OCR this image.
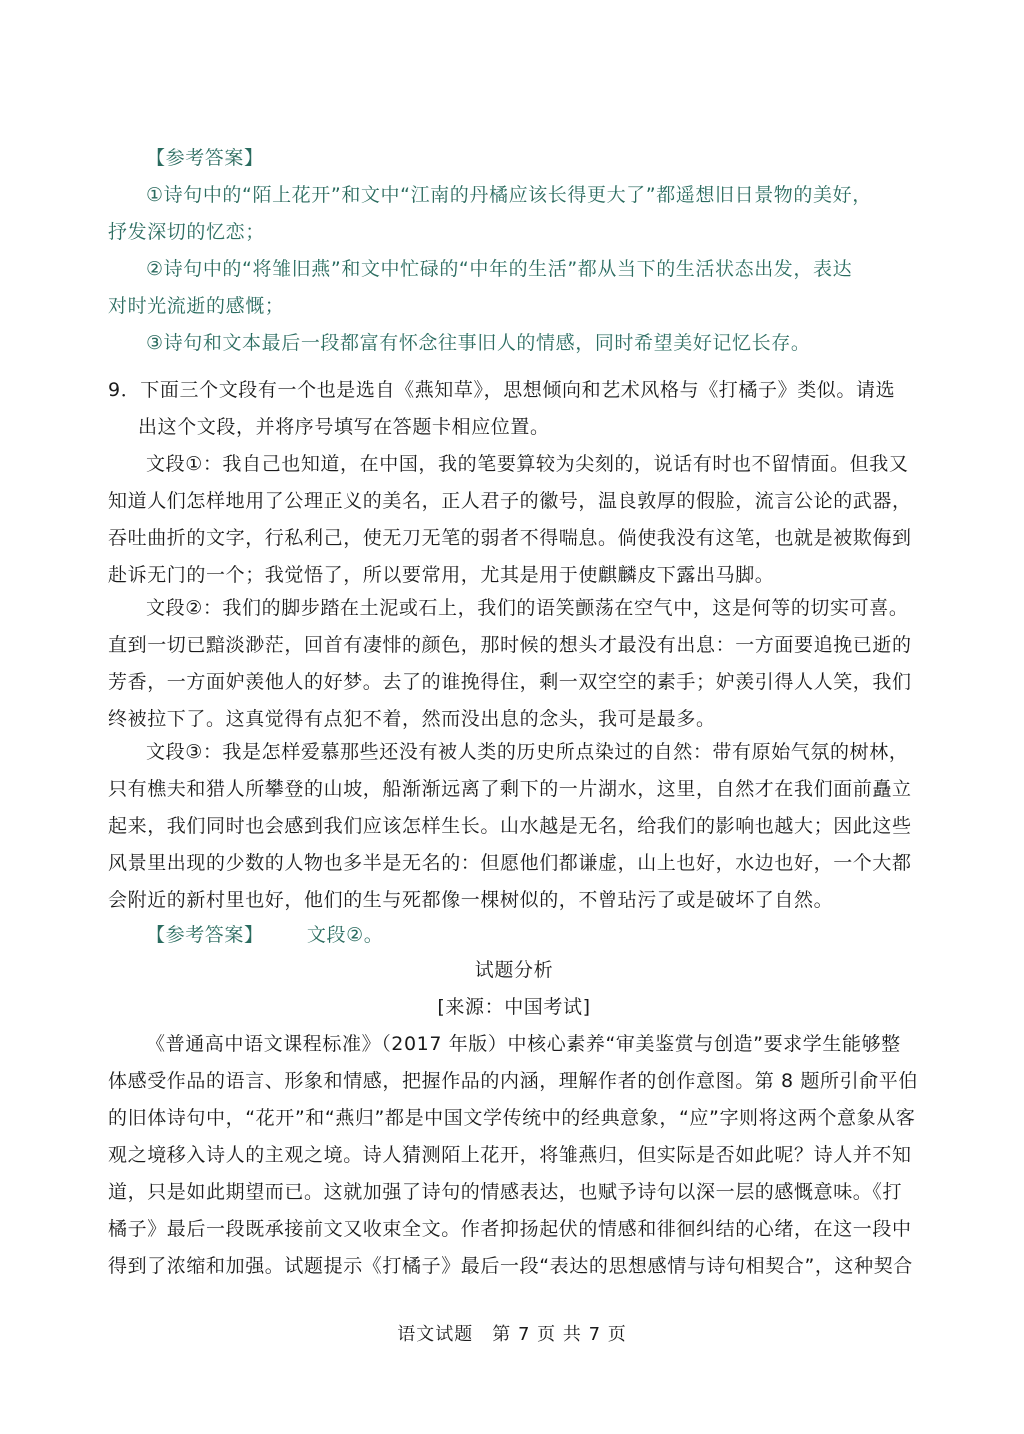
【参考答案】
①诗句中的“陌上花开”和文中“江南的丹橘应该长得更大了”都遥想旧日景物的美好，
抒发深切的忆恋；
②诗句中的“将雏旧燕”和文中忙碌的“中年的生活”都从当下的生活状态出发，表达
对时光流逝的感慨；
③诗句和文本最后一段都富有怀念往事旧人的情感，同时希望美好记忆长存。
9．下面三个文段有一个也是选自《燕知草》，思想倾向和艺术风格与《打橘子》类似。请选
出这个文段，并将序号填写在答题卡相应位置。
文段①：我自己也知道，在中国，我的笔要算较为尖刻的，说话有时也不留情面。但我又
知道人们怎样地用了公理正义的美名，正人君子的徽号，温良敦厚的假脸，流言公论的武器，
吞吐曲折的文字，行私利己，使无刀无笔的弱者不得喘息。倘使我没有这笔，也就是被欺侮到
赴诉无门的一个；我觉悟了，所以要常用，尤其是用于使麒麟皮下露出马脚。
文段②：我们的脚步踏在土泥或石上，我们的语笑颤荡在空气中，这是何等的切实可喜。
直到一切已黯淡渺茫，回首有凄悱的颜色，那时候的想头才最没有出息：一方面要追挽已逝的
芳香，一方面妒羡他人的好梦。去了的谁挽得住，剩一双空空的素手；妒羡引得人人笑，我们
终被拉下了。这真觉得有点犯不着，然而没出息的念头，我可是最多。
文段③：我是怎样爱慕那些还没有被人类的历史所点染过的自然：带有原始气氛的树林，
只有樵夫和猎人所攀登的山坡，船渐渐远离了剩下的一片湖水，这里，自然才在我们面前矗立
起来，我们同时也会感到我们应该怎样生长。山水越是无名，给我们的影响也越大；因此这些
风景里出现的少数的人物也多半是无名的：但愿他们都谦虚，山上也好，水边也好，一个大都
会附近的新村里也好，他们的生与死都像一棵树似的，不曾玷污了或是破坏了自然。
【参考答案】 文段②。
试题分析
[来源：中国考试]
《普通高中语文课程标准》（2017 年版）中核心素养“审美鉴赏与创造”要求学生能够整
体感受作品的语言、形象和情感，把握作品的内涵，理解作者的创作意图。第 8 题所引俞平伯
的旧体诗句中，“花开”和“燕归”都是中国文学传统中的经典意象，“应”字则将这两个意象从客
观之境移入诗人的主观之境。诗人猜测陌上花开，将雏燕归，但实际是否如此呢？诗人并不知
道，只是如此期望而已。这就加强了诗句的情感表达，也赋予诗句以深一层的感慨意味。《打
橘子》最后一段既承接前文又收束全文。作者抑扬起伏的情感和徘徊纠结的心绪，在这一段中
得到了浓缩和加强。试题提示《打橘子》最后一段“表达的思想感情与诗句相契合”，这种契合
语文试题　第 7 页 共 7 页
